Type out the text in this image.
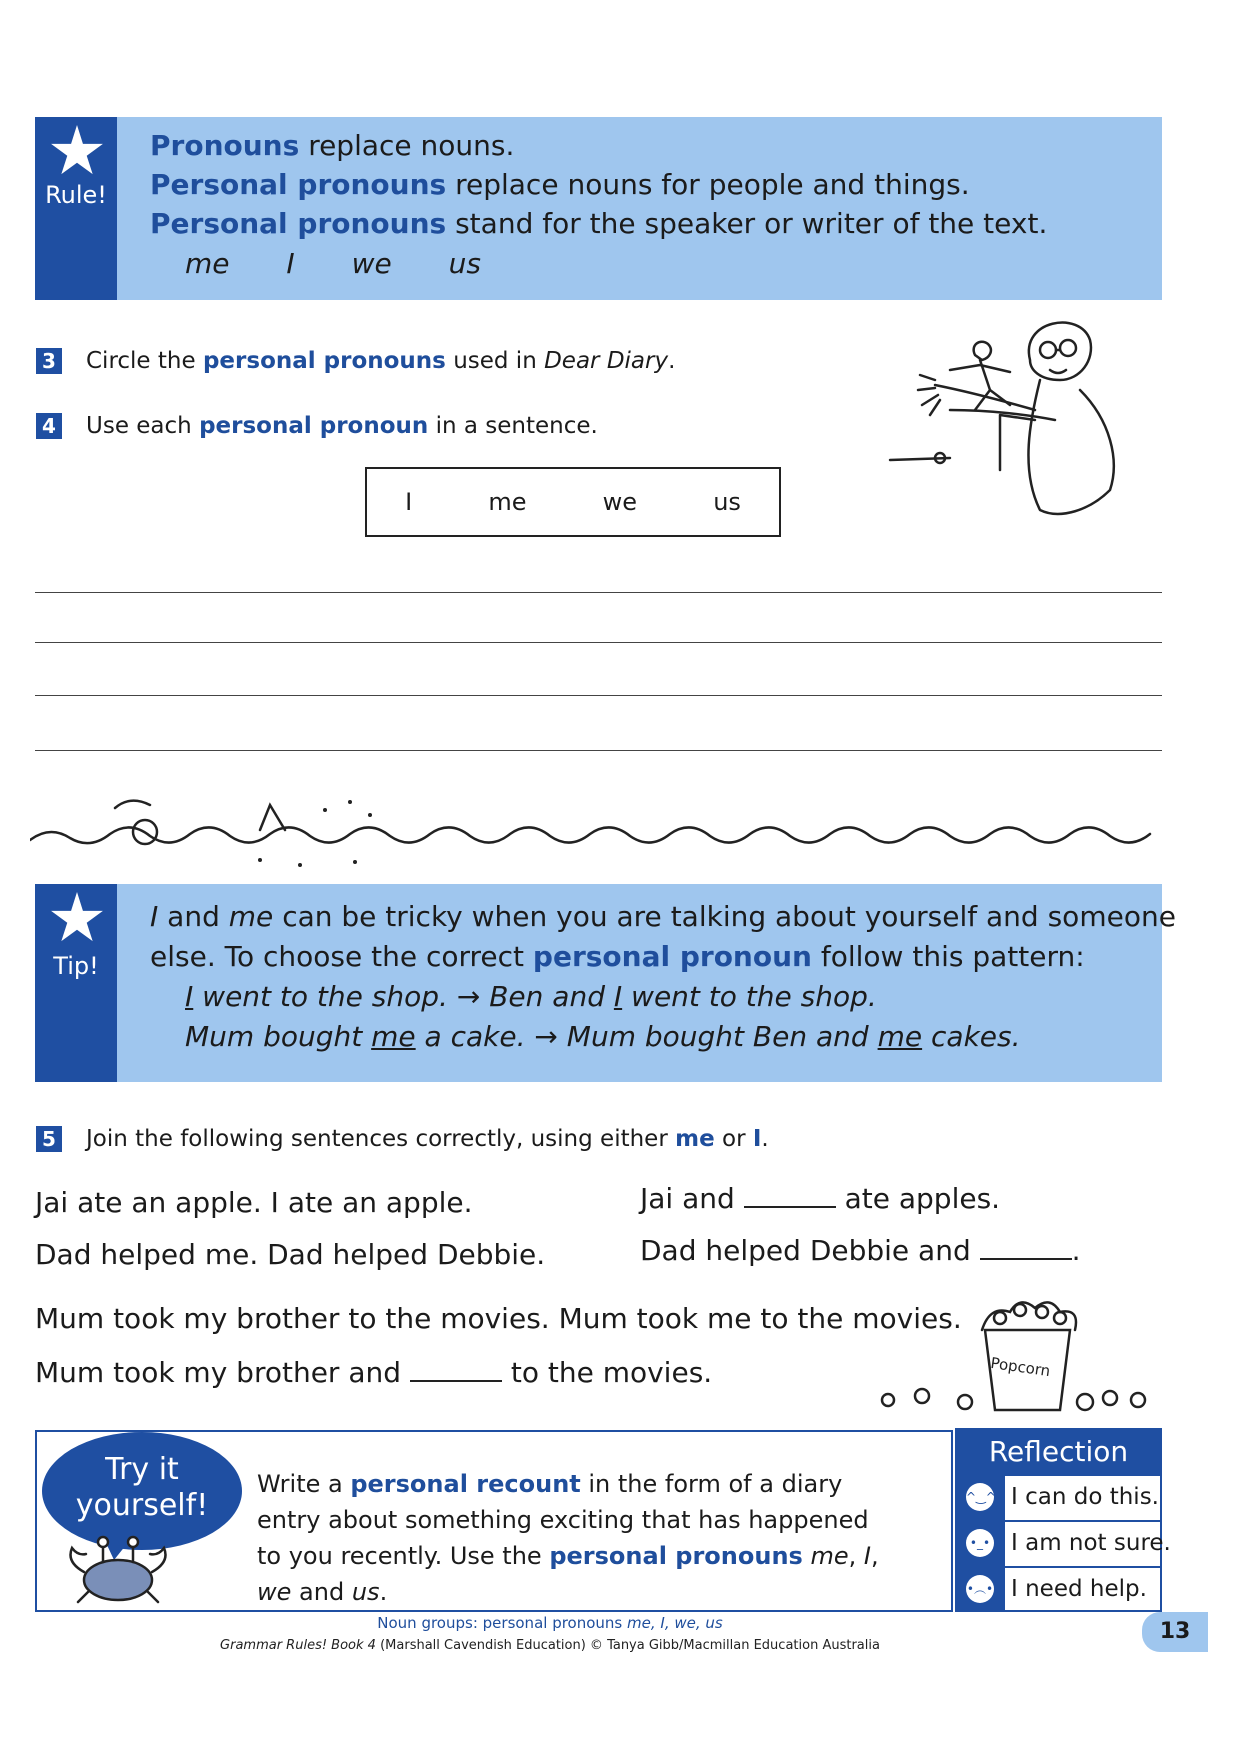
Rule!
Pronouns replace nouns.
Personal pronouns replace nouns for people and things.
Personal pronouns stand for the speaker or writer of the text.
me I we us
3 Circle the personal pronouns used in Dear Diary.
4 Use each personal pronoun in a sentence.
I	me	we	us
Tip!
I and me can be tricky when you are talking about yourself and someone
else. To choose the correct personal pronoun follow this pattern:
I went to the shop. → Ben and I went to the shop.
Mum bought me a cake. → Mum bought Ben and me cakes.
5 Join the following sentences correctly, using either me or I.
Jai ate an apple. I ate an apple.	Jai and	ate apples.
Dad helped me. Dad helped Debbie.	Dad helped Debbie and	.
Mum took my brother to the movies. Mum took me to the movies.
Mum took my brother and	to the movies.	Popcorn
Try it
yourself!
Write a personal recount in the form of a diary entry about something exciting that has happened to you recently. Use the personal pronouns me, I, we and us.
Reflection
^‿^ I can do this.
•_• I am not sure.
•︵• I need help.
Noun groups: personal pronouns me, I, we, us
Grammar Rules! Book 4 (Marshall Cavendish Education) © Tanya Gibb/Macmillan Education Australia
13
